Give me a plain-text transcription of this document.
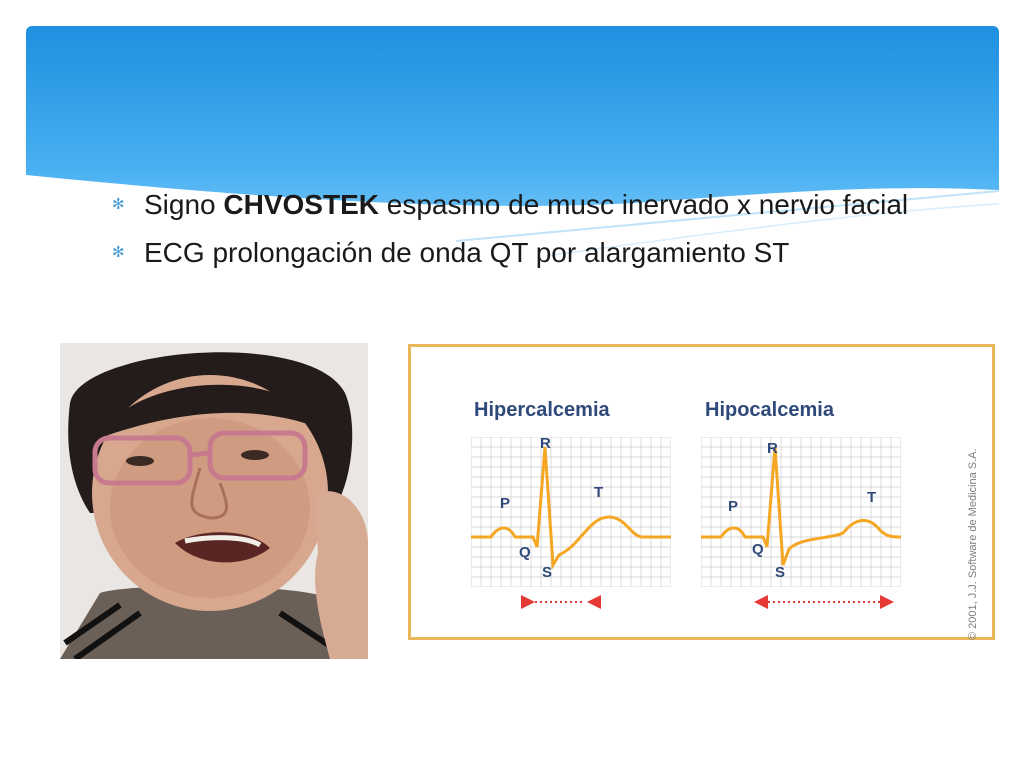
✻ Signo CHVOSTEK espasmo de musc inervado x nervio facial
✻ ECG prolongación de onda QT por alargamiento ST
Hipercalcemia	Hipocalcemia
R
P
T
Q
S
R
P
T
Q
S	© 2001, J.J. Software de Medicina S.A.
